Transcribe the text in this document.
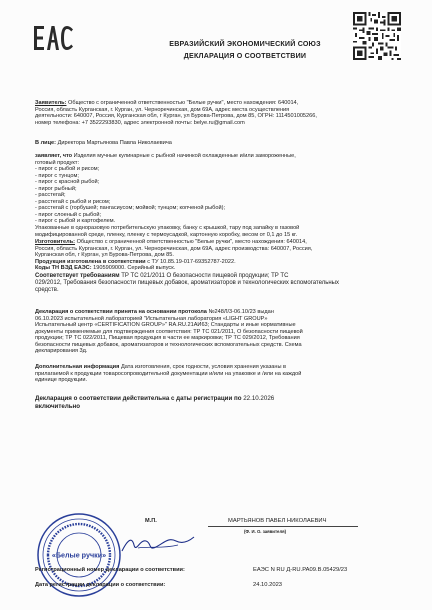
ЕВРАЗИЙСКИЙ ЭКОНОМИЧЕСКИЙ СОЮЗ
ДЕКЛАРАЦИЯ О СООТВЕТСТВИИ
Заявитель: Общество с ограниченной ответственностью "Белые ручки", место нахождения: 640014,
Россия, область Курганская, г. Курган, ул. Черноречинская, дом 69А, адрес места осуществления
деятельности: 640007, Россия, Курганская обл, г Курган, ул Бурова-Петрова, дом 85, ОГРН: 1114501005266,
номер телефона: +7 3522293830, адрес электронной почты: belye.ru@gmail.com
В лице: Директора Мартьянова Павла Николаевича
заявляет, что Изделия мучные кулинарные с рыбной начинкой охлажденные и/или замороженные,
готовый продукт:
- пирог с рыбой и рисом;
- пирог с тунцом;
- пирог с красной рыбой;
- пирог рыбный;
- расстегай;
- расстегай с рыбой и рисом;
- расстегай с (горбушей; пангасиусом; мойвой; тунцом; копченой рыбой);
- пирог слоеный с рыбой;
- пирог с рыбой и картофелем.
Упакованные в одноразовую потребительскую упаковку, банку с крышкой, тару под запайку в газовой
модифицированной среде, пленку, пленку с термоусадкой, картонную коробку, весом от 0,1 до 15 кг.
Изготовитель: Общество с ограниченной ответственностью "Белые ручки", место нахождения: 640014,
Россия, область Курганская, г. Курган, ул. Черноречинская, дом 69А, адрес производства: 640007, Россия,
Курганская обл, г Курган, ул Бурова-Петрова, дом 85.
Продукция изготовлена в соответствии с ТУ 10.85.19-017-69352787-2022.
Коды ТН ВЭД ЕАЭС: 1905909000. Серийный выпуск.
Соответствует требованиям ТР ТС 021/2011 О безопасности пищевой продукции; ТР ТС
029/2012, Требования безопасности пищевых добавок, ароматизаторов и технологических вспомогательных
средств.
Декларация о соответствии принята на основании протокола №248Л/3-06.10/23 выдан
06.10.2023 испытательной лабораторией "Испытательная лаборатория «LIGHT GROUP»
Испытательный центр «CERTIFICATION GROUP»" RA.RU.21АИ63; Стандарты и иные нормативные
документы применяемые для подтверждения соответствия: ТР ТС 021/2011, О безопасности пищевой
продукции; ТР ТС 022/2011, Пищевая продукция в части ее маркировки; ТР ТС 029/2012, Требования
безопасности пищевых добавок, ароматизаторов и технологических вспомогательных средств. Схема
декларирования 3д.
Дополнительная информация Дата изготовления, срок годности, условия хранения указаны в
прилагаемой к продукции товаросопроводительной документации и/или на упаковке и /или на каждой
единице продукции.
Декларация о соответствии действительна с даты регистрации по 22.10.2026
включительно
«Белые ручки»
М.П.	МАРТЬЯНОВ ПАВЕЛ НИКОЛАЕВИЧ
(Ф. И. О. заявителя)
Регистрационный номер декларации о соответствии:	ЕАЭС N RU Д-RU.РА09.В.05429/23
Дата регистрации декларации о соответствии:	24.10.2023
